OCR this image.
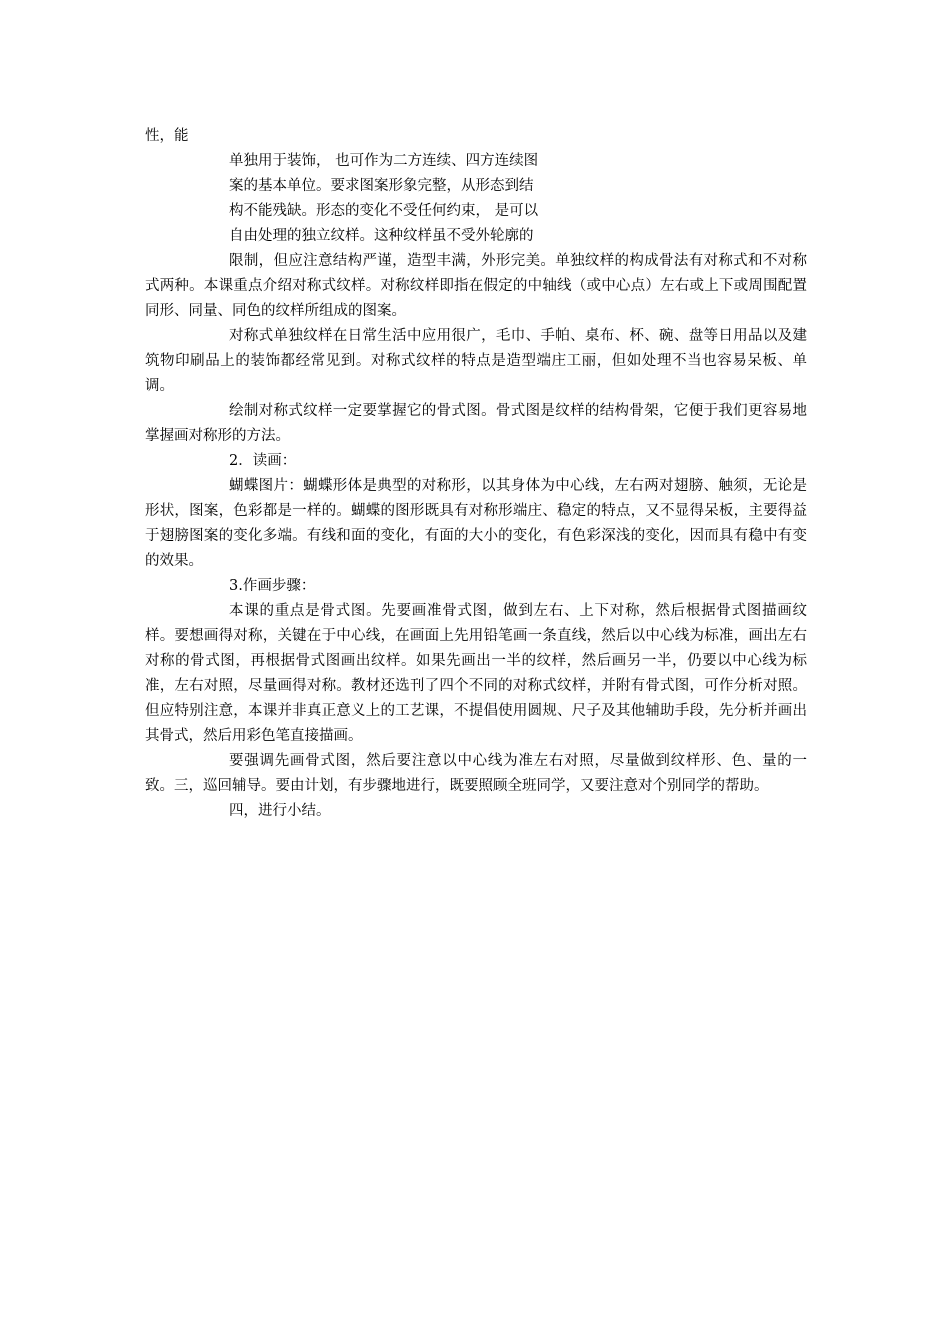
性，能
单独用于装饰， 也可作为二方连续、四方连续图
案的基本单位。要求图案形象完整，从形态到结
构不能残缺。形态的变化不受任何约束， 是可以
自由处理的独立纹样。这种纹样虽不受外轮廓的

限制，但应注意结构严谨，造型丰满，外形完美。单独纹样的构成骨法有对称式和不对称式两种。本课重点介绍对称式纹样。对称纹样即指在假定的中轴线（或中心点）左右或上下或周围配置同形、同量、同色的纹样所组成的图案。

对称式单独纹样在日常生活中应用很广，毛巾、手帕、桌布、杯、碗、盘等日用品以及建筑物印刷品上的装饰都经常见到。对称式纹样的特点是造型端庄工丽，但如处理不当也容易呆板、单调。

绘制对称式纹样一定要掌握它的骨式图。骨式图是纹样的结构骨架，它便于我们更容易地掌握画对称形的方法。

2．读画：

蝴蝶图片：蝴蝶形体是典型的对称形，以其身体为中心线，左右两对翅膀、触须，无论是形状，图案，色彩都是一样的。蝴蝶的图形既具有对称形端庄、稳定的特点，又不显得呆板，主要得益于翅膀图案的变化多端。有线和面的变化，有面的大小的变化，有色彩深浅的变化，因而具有稳中有变的效果。

3.作画步骤：

本课的重点是骨式图。先要画准骨式图，做到左右、上下对称，然后根据骨式图描画纹样。要想画得对称，关键在于中心线，在画面上先用铅笔画一条直线，然后以中心线为标准，画出左右对称的骨式图，再根据骨式图画出纹样。如果先画出一半的纹样，然后画另一半，仍要以中心线为标准，左右对照，尽量画得对称。教材还选刊了四个不同的对称式纹样，并附有骨式图，可作分析对照。但应特别注意，本课并非真正意义上的工艺课，不提倡使用圆规、尺子及其他辅助手段，先分析并画出其骨式，然后用彩色笔直接描画。

要强调先画骨式图，然后要注意以中心线为准左右对照，尽量做到纹样形、色、量的一致。三，巡回辅导。要由计划，有步骤地进行，既要照顾全班同学，又要注意对个别同学的帮助。

四，进行小结。
